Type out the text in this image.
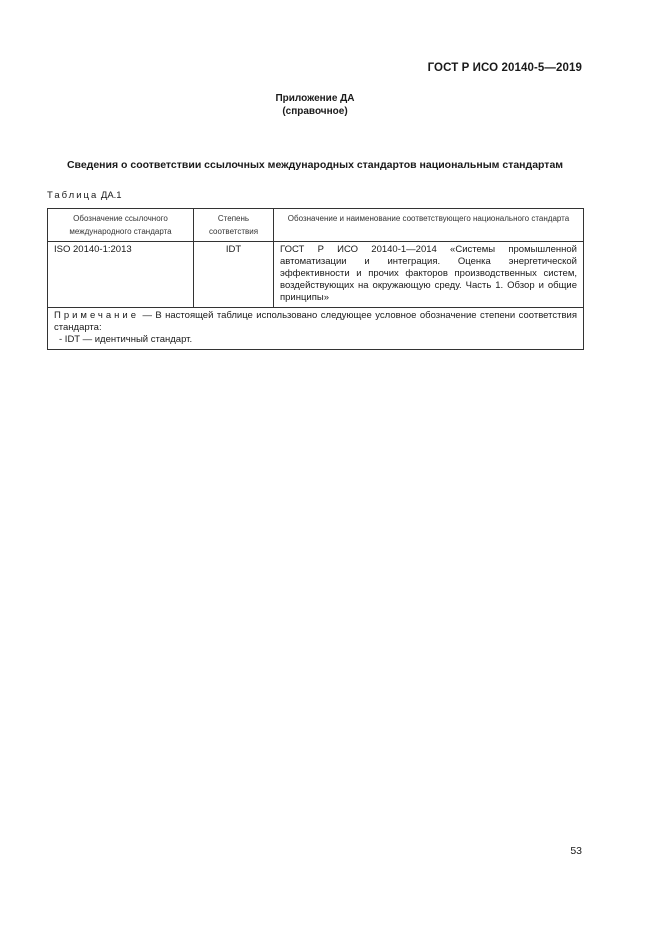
ГОСТ Р ИСО 20140-5—2019
Приложение ДА
(справочное)
Сведения о соответствии ссылочных международных стандартов национальным стандартам
Таблица ДА.1
Обозначение ссылочного международного стандарта	Степень соответствия	Обозначение и наименование соответствующего национального стандарта
ISO 20140-1:2013	IDT	ГОСТ Р ИСО 20140-1—2014 «Системы промышленной автоматизации и интеграция. Оценка энергетической эффективности и прочих факторов производственных систем, воздействующих на окружающую среду. Часть 1. Обзор и общие принципы»
Примечание — В настоящей таблице использовано следующее условное обозначение степени соответствия стандарта:
- IDT — идентичный стандарт.		
53
